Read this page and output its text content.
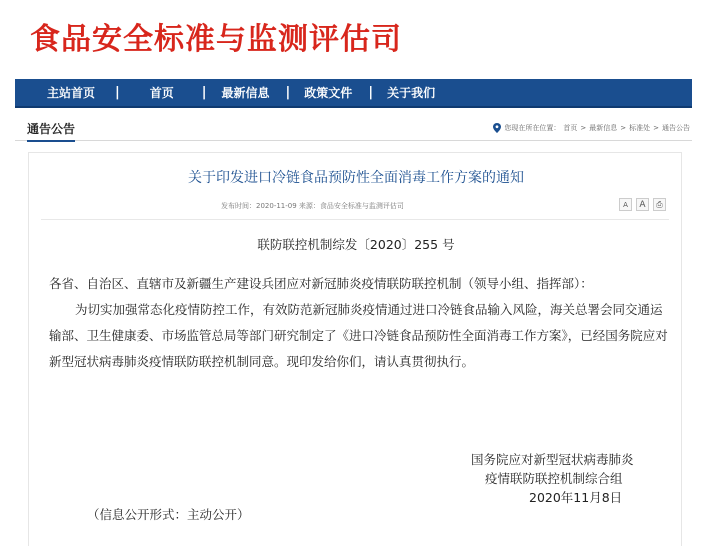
食品安全标准与监测评估司
主站首页 |	首页 | 最新信息 | 政策文件 | 关于我们
通告公告	您现在所在位置： 首页 > 最新信息 > 标准处 > 通告公告
关于印发进口冷链食品预防性全面消毒工作方案的通知
发布时间：2020-11-09 来源：食品安全标准与监测评估司	A	A	⎙
联防联控机制综发〔2020〕255 号

各省、自治区、直辖市及新疆生产建设兵团应对新冠肺炎疫情联防联控机制（领导小组、指挥部）：

为切实加强常态化疫情防控工作，有效防范新冠肺炎疫情通过进口冷链食品输入风险，海关总署会同交通运输部、卫生健康委、市场监管总局等部门研究制定了《进口冷链食品预防性全面消毒工作方案》，已经国务院应对新型冠状病毒肺炎疫情联防联控机制同意。现印发给你们，请认真贯彻执行。

国务院应对新型冠状病毒肺炎
疫情联防联控机制综合组
2020年11月8日
（信息公开形式：主动公开）
